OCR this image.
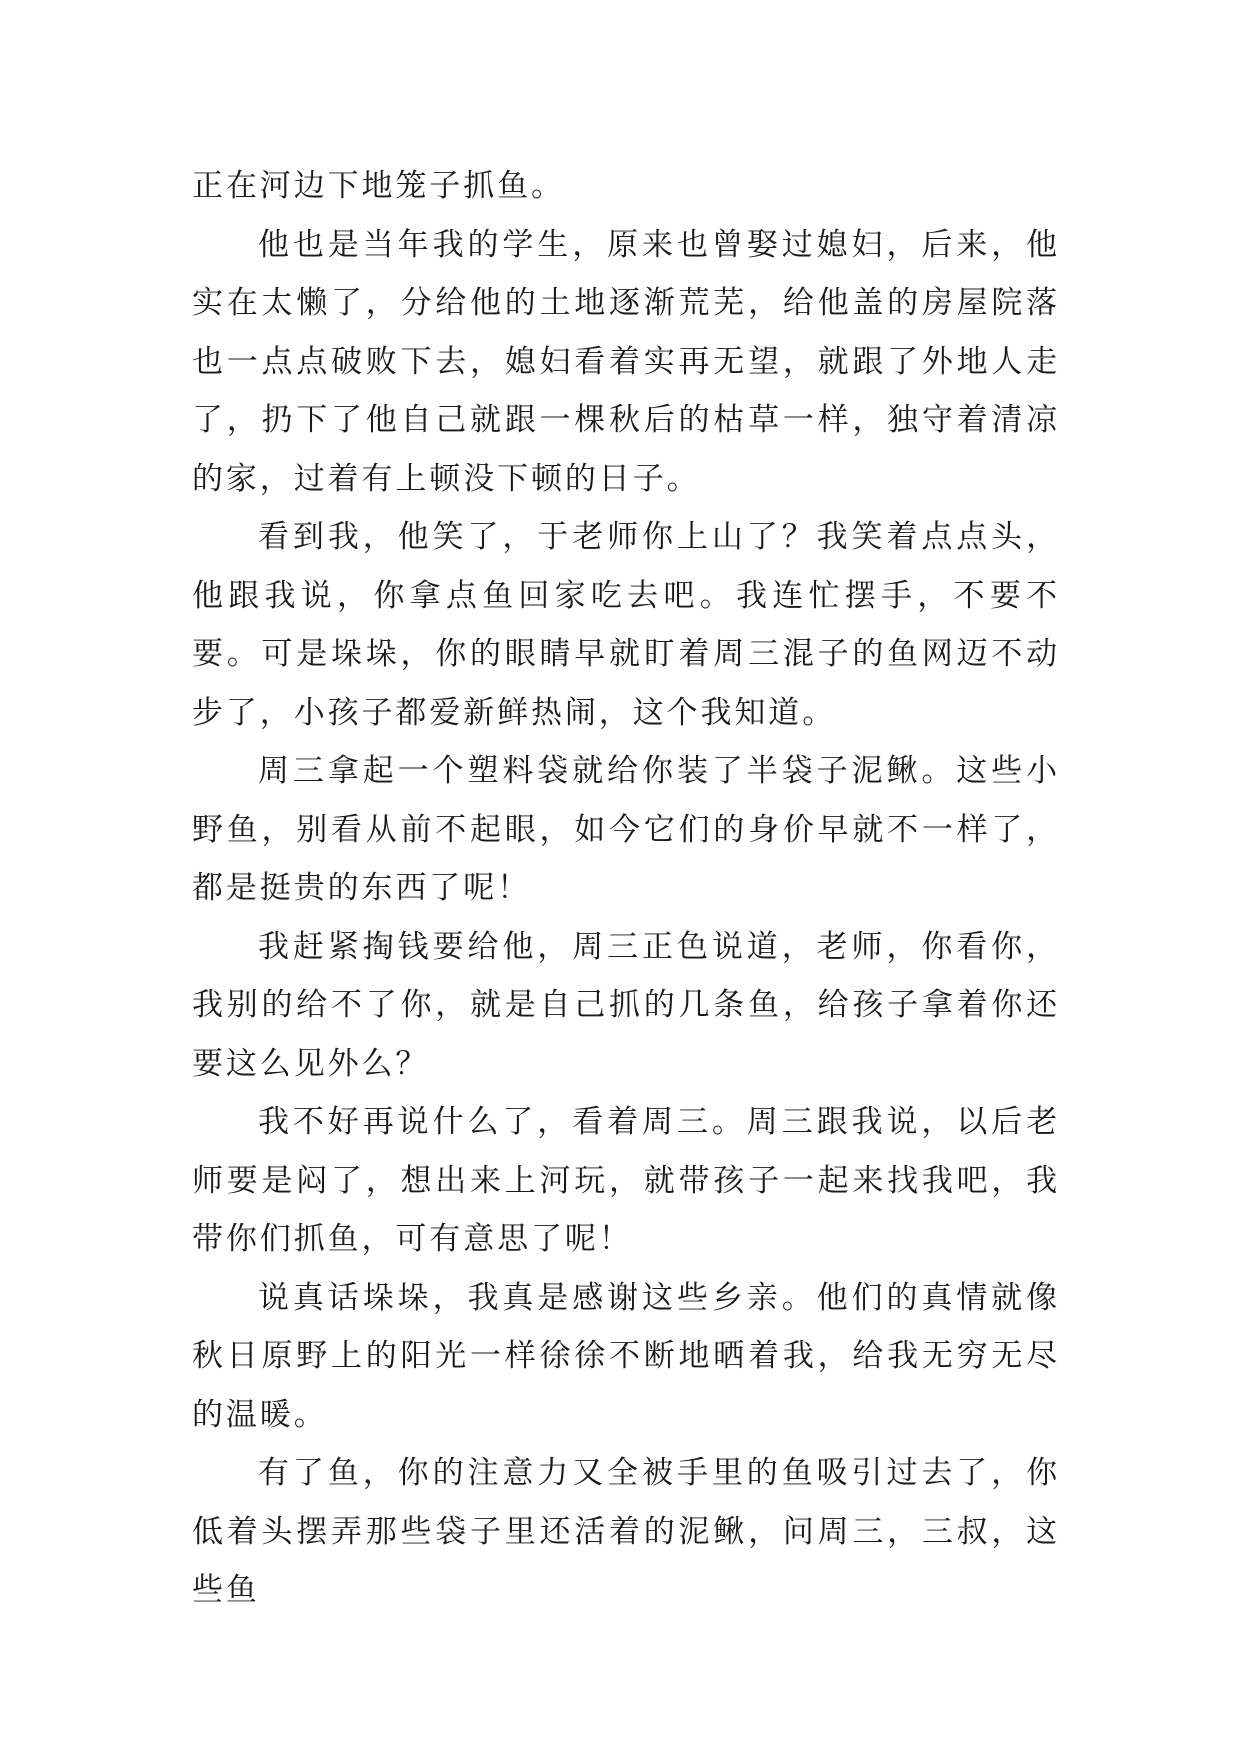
正在河边下地笼子抓鱼。

他也是当年我的学生，原来也曾娶过媳妇，后来，他实在太懒了，分给他的土地逐渐荒芜，给他盖的房屋院落也一点点破败下去，媳妇看着实再无望，就跟了外地人走了，扔下了他自己就跟一棵秋后的枯草一样，独守着清凉的家，过着有上顿没下顿的日子。

看到我，他笑了，于老师你上山了？我笑着点点头，他跟我说，你拿点鱼回家吃去吧。我连忙摆手，不要不要。可是垛垛，你的眼睛早就盯着周三混子的鱼网迈不动步了，小孩子都爱新鲜热闹，这个我知道。

周三拿起一个塑料袋就给你装了半袋子泥鳅。这些小野鱼，别看从前不起眼，如今它们的身价早就不一样了，都是挺贵的东西了呢！

我赶紧掏钱要给他，周三正色说道，老师，你看你，我别的给不了你，就是自己抓的几条鱼，给孩子拿着你还要这么见外么？

我不好再说什么了，看着周三。周三跟我说，以后老师要是闷了，想出来上河玩，就带孩子一起来找我吧，我带你们抓鱼，可有意思了呢！

说真话垛垛，我真是感谢这些乡亲。他们的真情就像秋日原野上的阳光一样徐徐不断地晒着我，给我无穷无尽的温暖。

有了鱼，你的注意力又全被手里的鱼吸引过去了，你低着头摆弄那些袋子里还活着的泥鳅，问周三，三叔，这些鱼
